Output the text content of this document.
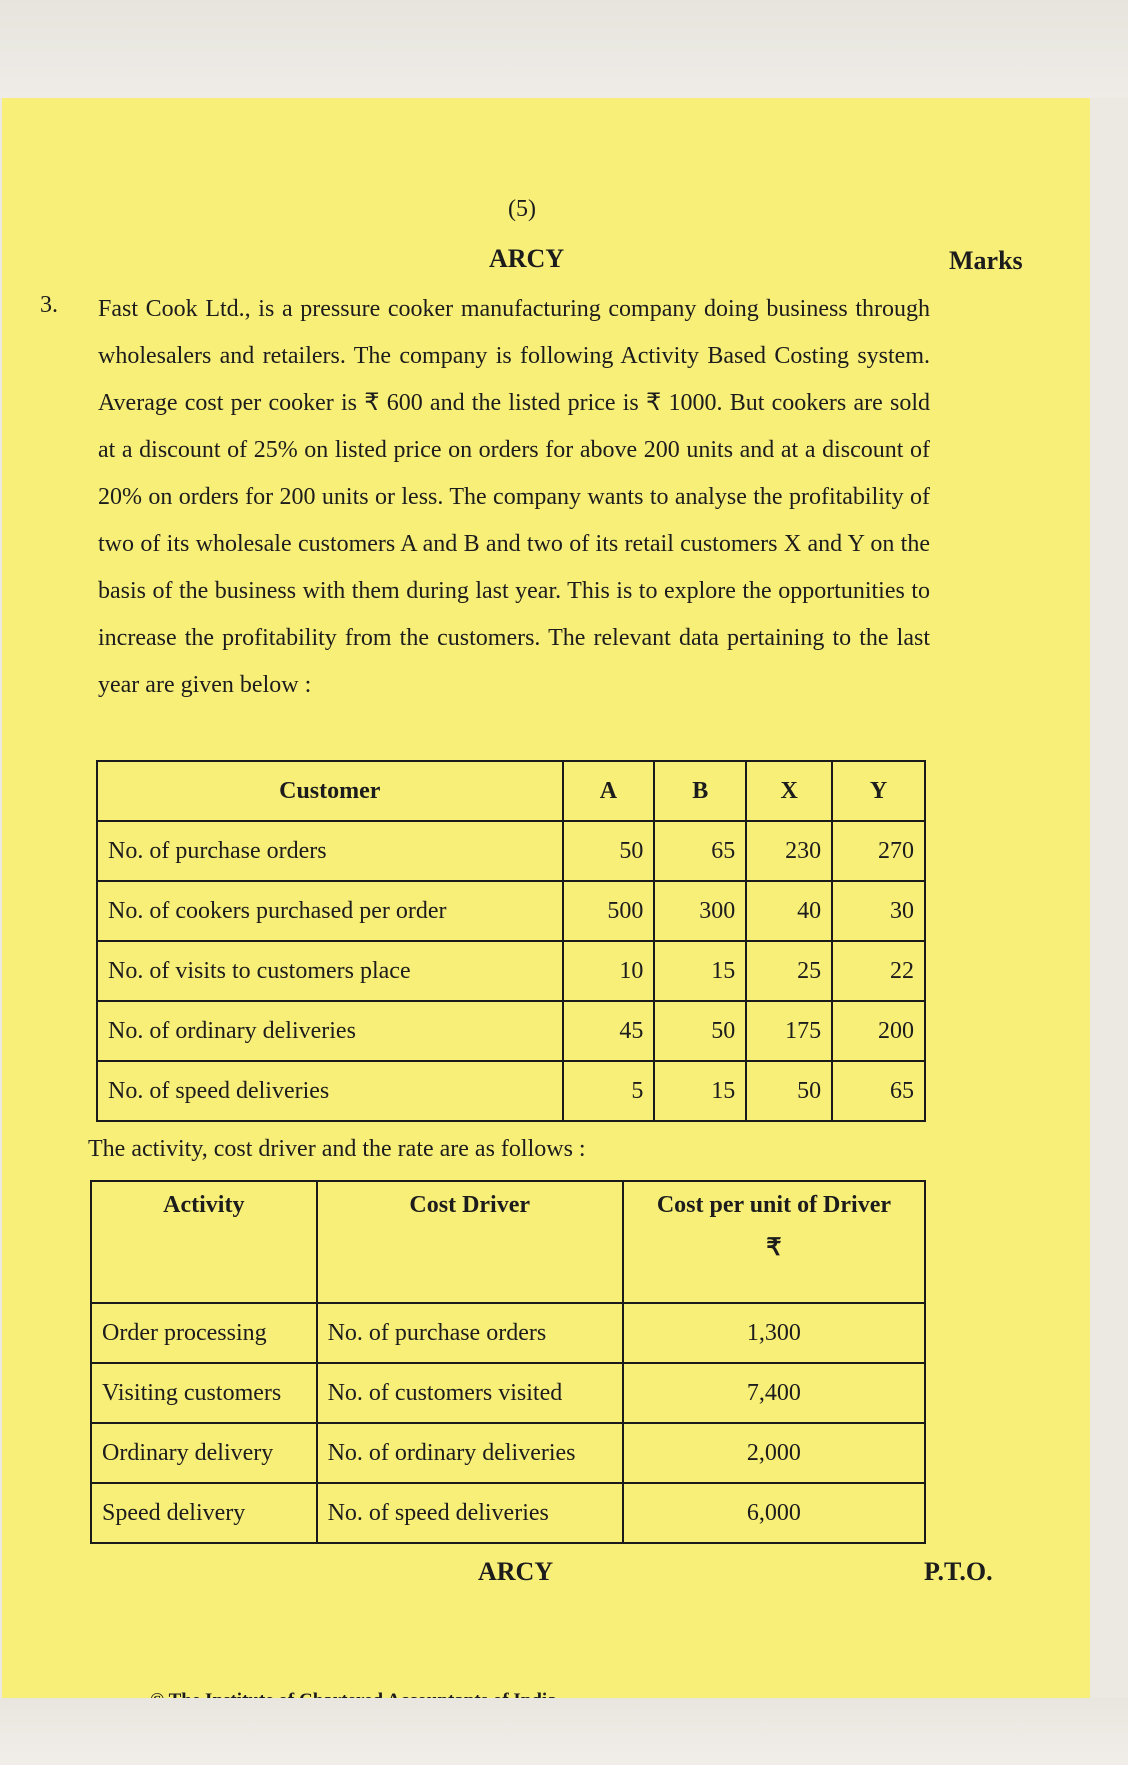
(5)
ARCY	Marks
3. Fast Cook Ltd., is a pressure cooker manufacturing company doing business through wholesalers and retailers. The company is following Activity Based Costing system. Average cost per cooker is ₹ 600 and the listed price is ₹ 1000. But cookers are sold at a discount of 25% on listed price on orders for above 200 units and at a discount of 20% on orders for 200 units or less. The company wants to analyse the profitability of two of its wholesale customers A and B and two of its retail customers X and Y on the basis of the business with them during last year. This is to explore the opportunities to increase the profitability from the customers. The relevant data pertaining to the last year are given below :
Customer	A	B	X	Y
No. of purchase orders	50	65	230	270
No. of cookers purchased per order	500	300	40	30
No. of visits to customers place	10	15	25	22
No. of ordinary deliveries	45	50	175	200
No. of speed deliveries	5	15	50	65
The activity, cost driver and the rate are as follows :
Activity	Cost Driver	Cost per unit of Driver
₹

Order processing	No. of purchase orders	1,300
Visiting customers	No. of customers visited	7,400
Ordinary delivery	No. of ordinary deliveries	2,000
Speed delivery	No. of speed deliveries	6,000
ARCY	P.T.O.
